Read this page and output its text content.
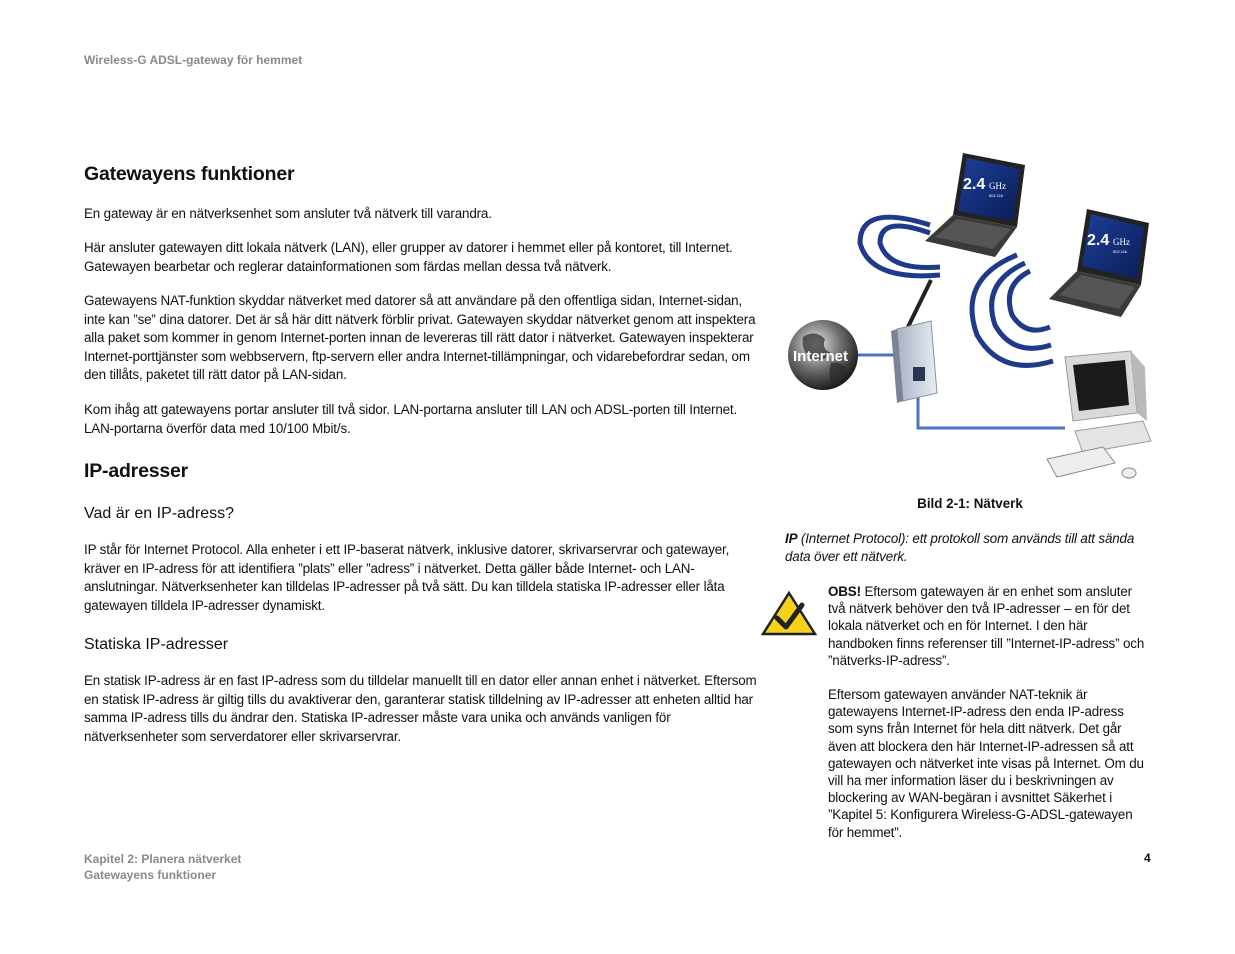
Wireless-G ADSL-gateway för hemmet
Gatewayens funktioner

En gateway är en nätverksenhet som ansluter två nätverk till varandra.

Här ansluter gatewayen ditt lokala nätverk (LAN), eller grupper av datorer i hemmet eller på kontoret, till Internet. Gatewayen bearbetar och reglerar datainformationen som färdas mellan dessa två nätverk.

Gatewayens NAT-funktion skyddar nätverket med datorer så att användare på den offentliga sidan, Internet-sidan, inte kan ”se” dina datorer. Det är så här ditt nätverk förblir privat. Gatewayen skyddar nätverket genom att inspektera alla paket som kommer in genom Internet-porten innan de levereras till rätt dator i nätverket. Gatewayen inspekterar Internet-porttjänster som webbservern, ftp-servern eller andra Internet-tillämpningar, och vidarebefordrar sedan, om den tillåts, paketet till rätt dator på LAN-sidan.

Kom ihåg att gatewayens portar ansluter till två sidor. LAN-portarna ansluter till LAN och ADSL-porten till Internet. LAN-portarna överför data med 10/100 Mbit/s.

IP-adresser
Vad är en IP-adress?

IP står för Internet Protocol. Alla enheter i ett IP-baserat nätverk, inklusive datorer, skrivarservrar och gatewayer, kräver en IP-adress för att identifiera ”plats” eller ”adress” i nätverket. Detta gäller både Internet- och LAN-anslutningar. Nätverksenheter kan tilldelas IP-adresser på två sätt. Du kan tilldela statiska IP-adresser eller låta gatewayen tilldela IP-adresser dynamiskt.

Statiska IP-adresser

En statisk IP-adress är en fast IP-adress som du tilldelar manuellt till en dator eller annan enhet i nätverket. Eftersom en statisk IP-adress är giltig tills du avaktiverar den, garanterar statisk tilldelning av IP-adresser att enheten alltid har samma IP-adress tills du ändrar den. Statiska IP-adresser måste vara unika och används vanligen för nätverksenheter som serverdatorer eller skrivarservrar.

2.4 GHz
802.11b
2.4 GHz
802.11b
Internet
Bild 2-1: Nätverk
IP (Internet Protocol): ett protokoll som används till att sända data över ett nätverk.
OBS! Eftersom gatewayen är en enhet som ansluter två nätverk behöver den två IP-adresser – en för det lokala nätverket och en för Internet. I den här handboken finns referenser till ”Internet-IP-adress” och ”nätverks-IP-adress”.
Eftersom gatewayen använder NAT-teknik är gatewayens Internet-IP-adress den enda IP-adress som syns från Internet för hela ditt nätverk. Det går även att blockera den här Internet-IP-adressen så att gatewayen och nätverket inte visas på Internet. Om du vill ha mer information läser du i beskrivningen av blockering av WAN-begäran i avsnittet Säkerhet i ”Kapitel 5: Konfigurera Wireless-G-ADSL-gatewayen för hemmet”.
Kapitel 2: Planera nätverket
Gatewayens funktioner
4
